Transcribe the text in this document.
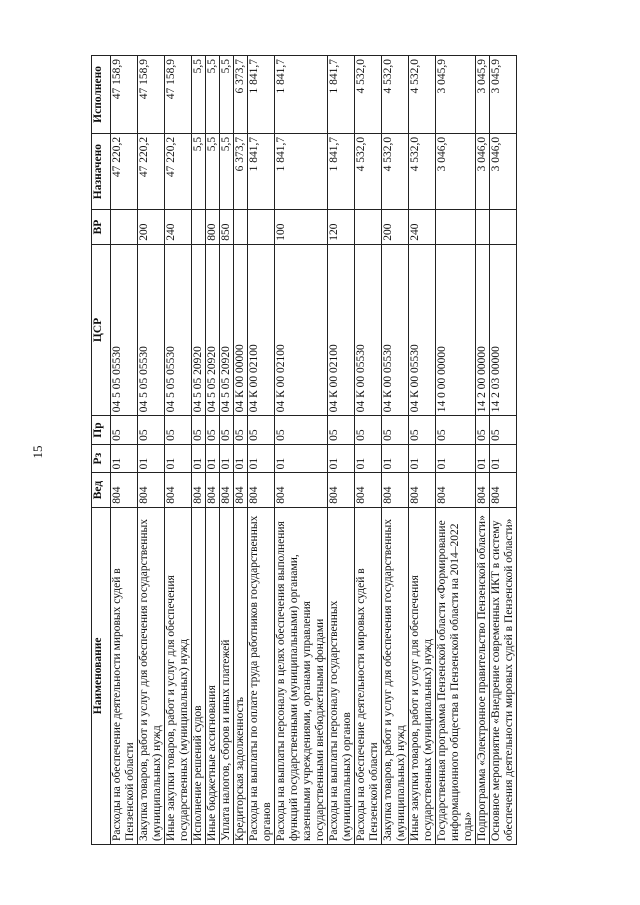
15
Наименование	Вед	Рз	Пр	ЦСР	ВР	Назначено	Исполнено
Расходы на обеспечение деятельности мировых судей в Пензенской области	804	01	05	04 5 05 05530		47 220,2	47 158,9
Закупка товаров, работ и услуг для обеспечения государственных (муниципальных) нужд	804	01	05	04 5 05 05530	200	47 220,2	47 158,9
Иные закупки товаров, работ и услуг для обеспечения государственных (муниципальных) нужд	804	01	05	04 5 05 05530	240	47 220,2	47 158,9
Исполнение решений судов	804	01	05	04 5 05 20920		5,5	5,5
Иные бюджетные ассигнования	804	01	05	04 5 05 20920	800	5,5	5,5
Уплата налогов, сборов и иных платежей	804	01	05	04 5 05 20920	850	5,5	5,5
Кредиторская задолженность	804	01	05	04 К 00 00000		6 373,7	6 373,7
Расходы на выплаты по оплате труда работников государственных органов	804	01	05	04 К 00 02100		1 841,7	1 841,7
Расходы на выплаты персоналу в целях обеспечения выполнения функций государственными (муниципальными) органами, казенными учреждениями, органами управления государственными внебюджетными фондами	804	01	05	04 К 00 02100	100	1 841,7	1 841,7
Расходы на выплаты персоналу государственных (муниципальных) органов	804	01	05	04 К 00 02100	120	1 841,7	1 841,7
Расходы на обеспечение деятельности мировых судей в Пензенской области	804	01	05	04 К 00 05530		4 532,0	4 532,0
Закупка товаров, работ и услуг для обеспечения государственных (муниципальных) нужд	804	01	05	04 К 00 05530	200	4 532,0	4 532,0
Иные закупки товаров, работ и услуг для обеспечения государственных (муниципальных) нужд	804	01	05	04 К 00 05530	240	4 532,0	4 532,0
Государственная программа Пензенской области «Формирование информационного общества в Пензенской области на 2014–2022 годы»	804	01	05	14 0 00 00000		3 046,0	3 045,9
Подпрограмма «Электронное правительство Пензенской области»	804	01	05	14 2 00 00000		3 046,0	3 045,9
Основное мероприятие «Внедрение современных ИКТ в систему обеспечения деятельности мировых судей в Пензенской области»	804	01	05	14 2 03 00000		3 046,0	3 045,9
